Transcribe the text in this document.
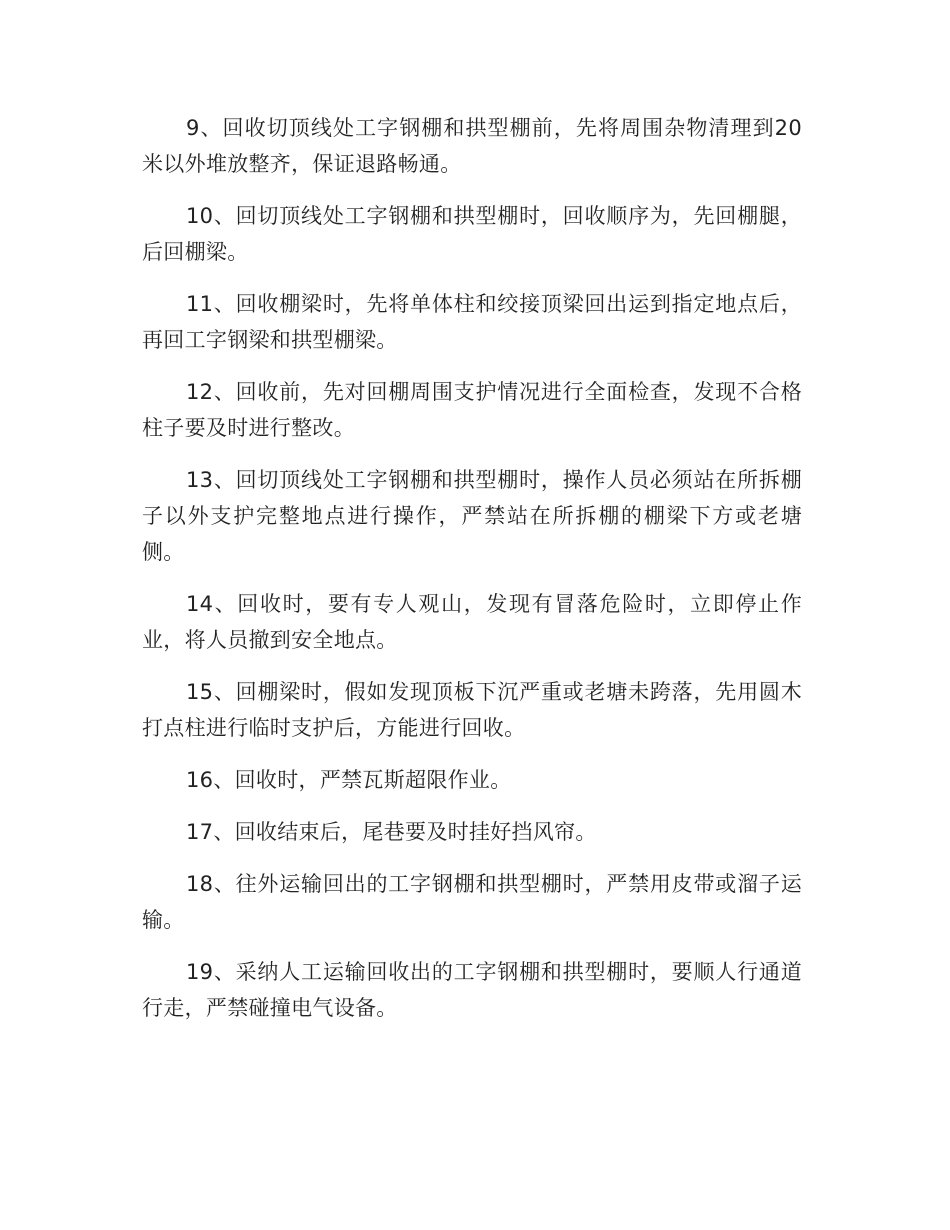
9、回收切顶线处工字钢棚和拱型棚前，先将周围杂物清理到20米以外堆放整齐，保证退路畅通。

10、回切顶线处工字钢棚和拱型棚时，回收顺序为，先回棚腿，后回棚梁。

11、回收棚梁时，先将单体柱和绞接顶梁回出运到指定地点后，再回工字钢梁和拱型棚梁。

12、回收前，先对回棚周围支护情况进行全面检查，发现不合格柱子要及时进行整改。

13、回切顶线处工字钢棚和拱型棚时，操作人员必须站在所拆棚子以外支护完整地点进行操作，严禁站在所拆棚的棚梁下方或老塘侧。

14、回收时，要有专人观山，发现有冒落危险时，立即停止作业，将人员撤到安全地点。

15、回棚梁时，假如发现顶板下沉严重或老塘未跨落，先用圆木打点柱进行临时支护后，方能进行回收。

16、回收时，严禁瓦斯超限作业。

17、回收结束后，尾巷要及时挂好挡风帘。

18、往外运输回出的工字钢棚和拱型棚时，严禁用皮带或溜子运输。

19、采纳人工运输回收出的工字钢棚和拱型棚时，要顺人行通道行走，严禁碰撞电气设备。
